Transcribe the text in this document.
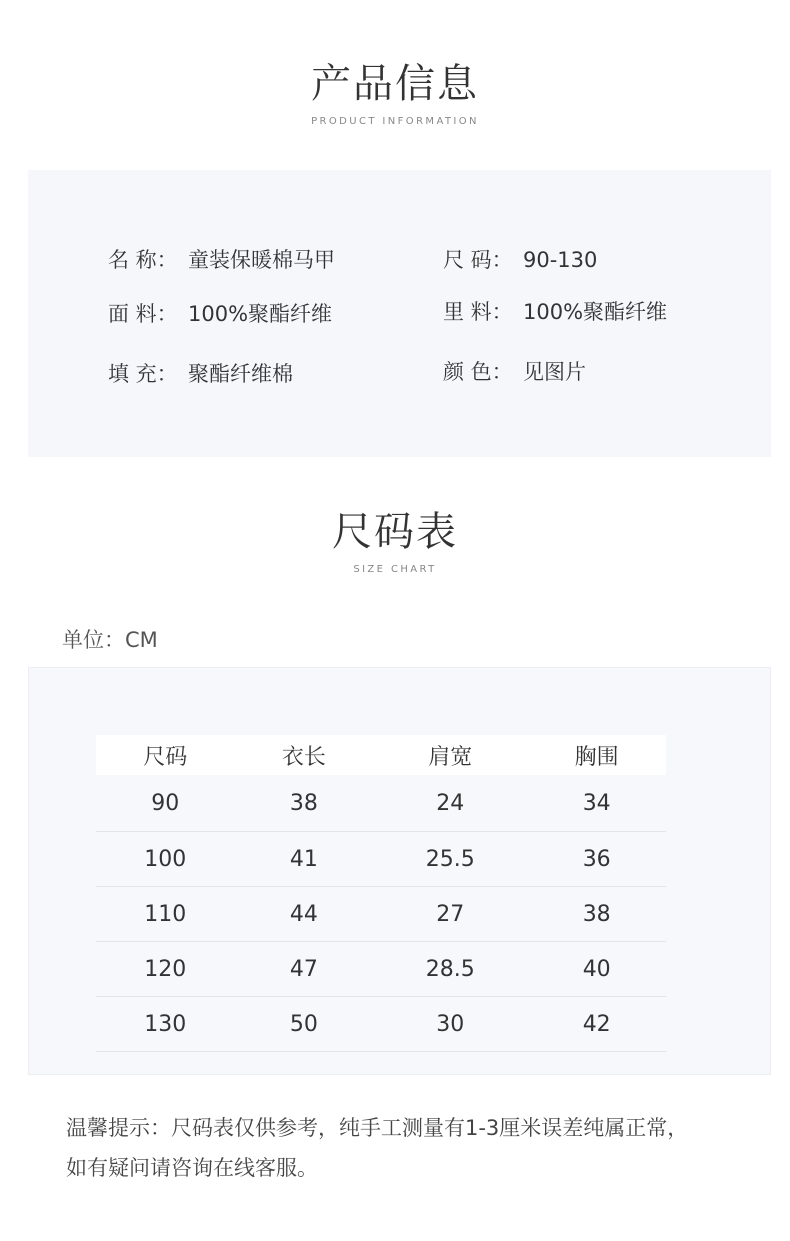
产品信息
PRODUCT INFORMATION
名 称： 童装保暖棉马甲	尺 码： 90-130
面 料： 100%聚酯纤维	里 料： 100%聚酯纤维
填 充： 聚酯纤维棉	颜 色： 见图片
尺码表
SIZE CHART
单位：CM
尺码	衣长	肩宽	胸围
90	38	24	34
100	41	25.5	36
110	44	27	38
120	47	28.5	40
130	50	30	42
温馨提示：尺码表仅供参考，纯手工测量有1-3厘米误差纯属正常，
如有疑问请咨询在线客服。
